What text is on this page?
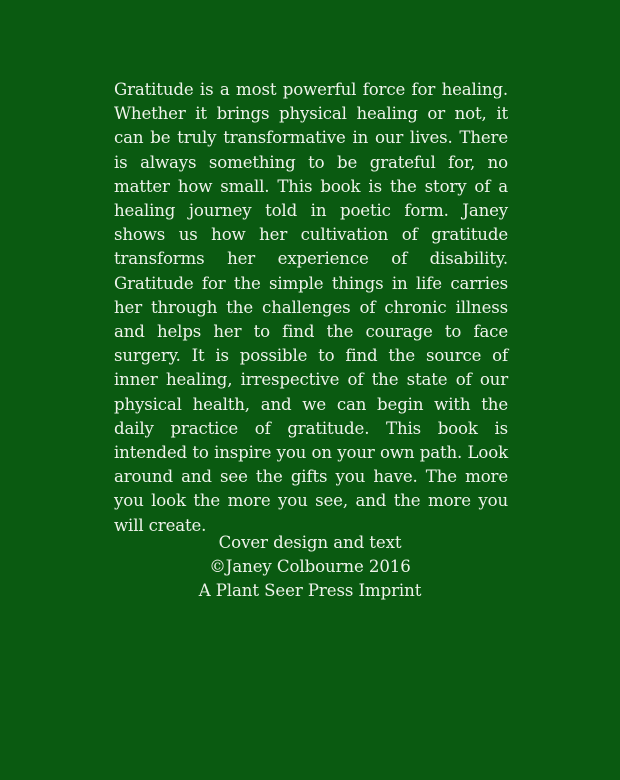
Gratitude is a most powerful force for healing. Whether it brings physical healing or not, it can be truly transformative in our lives. There is always something to be grateful for, no matter how small. This book is the story of a healing journey told in poetic form. Janey shows us how her cultivation of gratitude transforms her experience of disability. Gratitude for the simple things in life carries her through the challenges of chronic illness and helps her to find the courage to face surgery. It is possible to find the source of inner healing, irrespective of the state of our physical health, and we can begin with the daily practice of gratitude. This book is intended to inspire you on your own path. Look around and see the gifts you have. The more you look the more you see, and the more you will create.

Cover design and text
©Janey Colbourne 2016
A Plant Seer Press Imprint
